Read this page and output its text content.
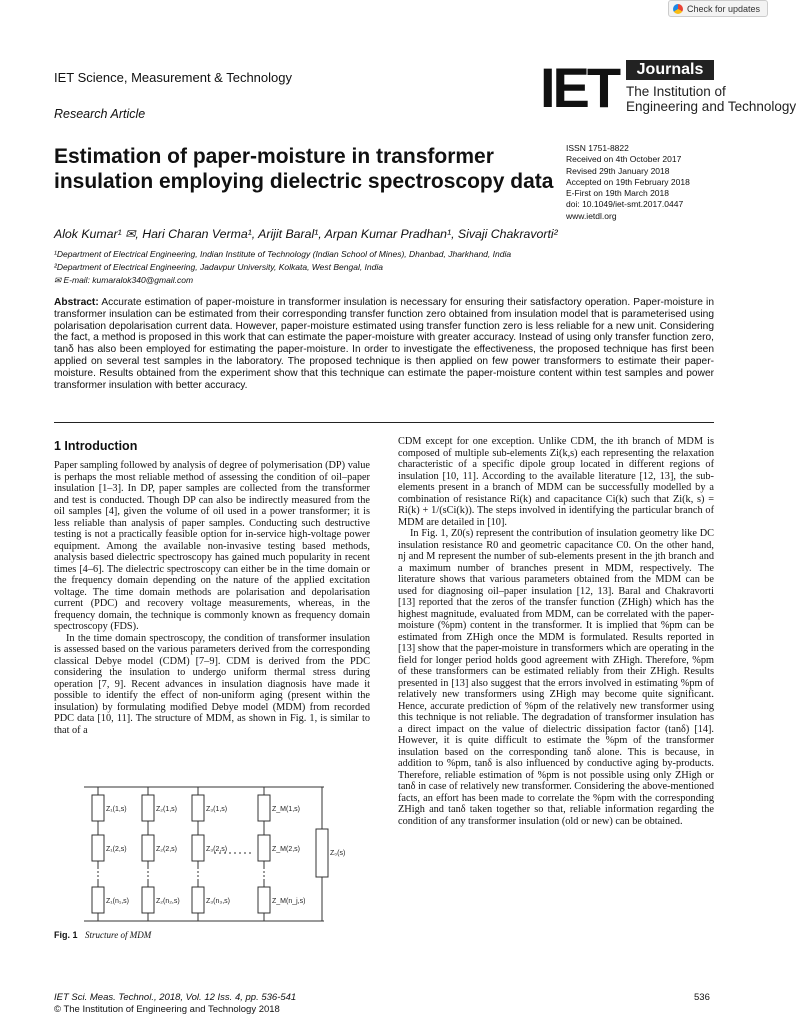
Check for updates
IET Science, Measurement & Technology
Research Article	IET	Journals
The Institution of
Engineering and Technology
Estimation of paper-moisture in transformer insulation employing dielectric spectroscopy data
ISSN 1751-8822
Received on 4th October 2017
Revised 29th January 2018
Accepted on 19th February 2018
E-First on 19th March 2018
doi: 10.1049/iet-smt.2017.0447
www.ietdl.org
Alok Kumar¹ ✉, Hari Charan Verma¹, Arijit Baral¹, Arpan Kumar Pradhan¹, Sivaji Chakravorti²
¹Department of Electrical Engineering, Indian Institute of Technology (Indian School of Mines), Dhanbad, Jharkhand, India
²Department of Electrical Engineering, Jadavpur University, Kolkata, West Bengal, India
✉ E-mail: kumaralok340@gmail.com
Abstract: Accurate estimation of paper-moisture in transformer insulation is necessary for ensuring their satisfactory operation. Paper-moisture in transformer insulation can be estimated from their corresponding transfer function zero obtained from insulation model that is parameterised using polarisation depolarisation current data. However, paper-moisture estimated using transfer function zero is less reliable for a new unit. Considering the fact, a method is proposed in this work that can estimate the paper-moisture with greater accuracy. Instead of using only transfer function zero, tanδ has also been employed for estimating the paper-moisture. In order to investigate the effectiveness, the proposed technique has first been applied on several test samples in the laboratory. The proposed technique is then applied on few power transformers to estimate their paper-moisture. Results obtained from the experiment show that this technique can estimate the paper-moisture content within test samples and power transformer insulation with better accuracy.
1 Introduction

Paper sampling followed by analysis of degree of polymerisation (DP) value is perhaps the most reliable method of assessing the condition of oil–paper insulation [1–3]. In DP, paper samples are collected from the transformer and test is conducted. Though DP can also be indirectly measured from the oil samples [4], given the volume of oil used in a power transformer; it is less reliable than analysis of paper samples. Conducting such destructive testing is not a practically feasible option for in-service high-voltage power equipment. Among the available non-invasive testing based methods, analysis based dielectric spectroscopy has gained much popularity in recent times [4–6]. The dielectric spectroscopy can either be in the time domain or the frequency domain depending on the nature of the applied excitation voltage. The time domain methods are polarisation and depolarisation current (PDC) and recovery voltage measurements, whereas, in the frequency domain, the technique is commonly known as frequency domain spectroscopy (FDS).

In the time domain spectroscopy, the condition of transformer insulation is assessed based on the various parameters derived from the corresponding classical Debye model (CDM) [7–9]. CDM is derived from the PDC considering the insulation to undergo uniform thermal stress during operation [7, 9]. Recent advances in insulation diagnosis have made it possible to identify the effect of non-uniform aging (present within the insulation) by formulating modified Debye model (MDM) from recorded PDC data [10, 11]. The structure of MDM, as shown in Fig. 1, is similar to that of a

CDM except for one exception. Unlike CDM, the ith branch of MDM is composed of multiple sub-elements Zi(k,s) each representing the relaxation characteristic of a specific dipole group located in different regions of insulation [10, 11]. According to the available literature [12, 13], the sub-elements present in a branch of MDM can be successfully modelled by a combination of resistance Ri(k) and capacitance Ci(k) such that Zi(k, s) = Ri(k) + 1/(sCi(k)). The steps involved in identifying the particular branch of MDM are detailed in [10].

In Fig. 1, Z0(s) represent the contribution of insulation geometry like DC insulation resistance R0 and geometric capacitance C0. On the other hand, nj and M represent the number of sub-elements present in the jth branch and a maximum number of branches present in MDM, respectively. The literature shows that various parameters obtained from the MDM can be used for diagnosing oil–paper insulation [12, 13]. Baral and Chakravorti [13] reported that the zeros of the transfer function (ZHigh) which has the highest magnitude, evaluated from MDM, can be correlated with the paper-moisture (%pm) content in the transformer. It is implied that %pm can be estimated from ZHigh once the MDM is formulated. Results reported in [13] show that the paper-moisture in transformers which are operating in the field for longer period holds good agreement with ZHigh. Therefore, %pm of these transformers can be estimated reliably from their ZHigh. Results presented in [13] also suggest that the errors involved in estimating %pm of relatively new transformers using ZHigh may become quite significant. Hence, accurate prediction of %pm of the relatively new transformer using this technique is not reliable. The degradation of transformer insulation has a direct impact on the value of dielectric dissipation factor (tanδ) [14]. However, it is quite difficult to estimate the %pm of the transformer insulation based on the corresponding tanδ alone. This is because, in addition to %pm, tanδ is also influenced by conductive aging by-products. Therefore, reliable estimation of %pm is not possible using only ZHigh or tanδ in case of relatively new transformer. Considering the above-mentioned facts, an effort has been made to correlate the %pm with the corresponding ZHigh and tanδ taken together so that, reliable information regarding the condition of any transformer insulation (old or new) can be obtained.

Z₁(1,s)	Z₂(1,s)	Z₃(1,s)	Z_M(1,s)
Z₁(2,s)	Z₂(2,s)	Z₃(2,s)	Z_M(2,s)
Z₁(n₁,s)	Z₂(n₂,s)	Z₃(n₃,s)	Z_M(n_j,s)
Z₀(s)
Fig. 1 Structure of MDM
IET Sci. Meas. Technol., 2018, Vol. 12 Iss. 4, pp. 536-541
© The Institution of Engineering and Technology 2018
536
